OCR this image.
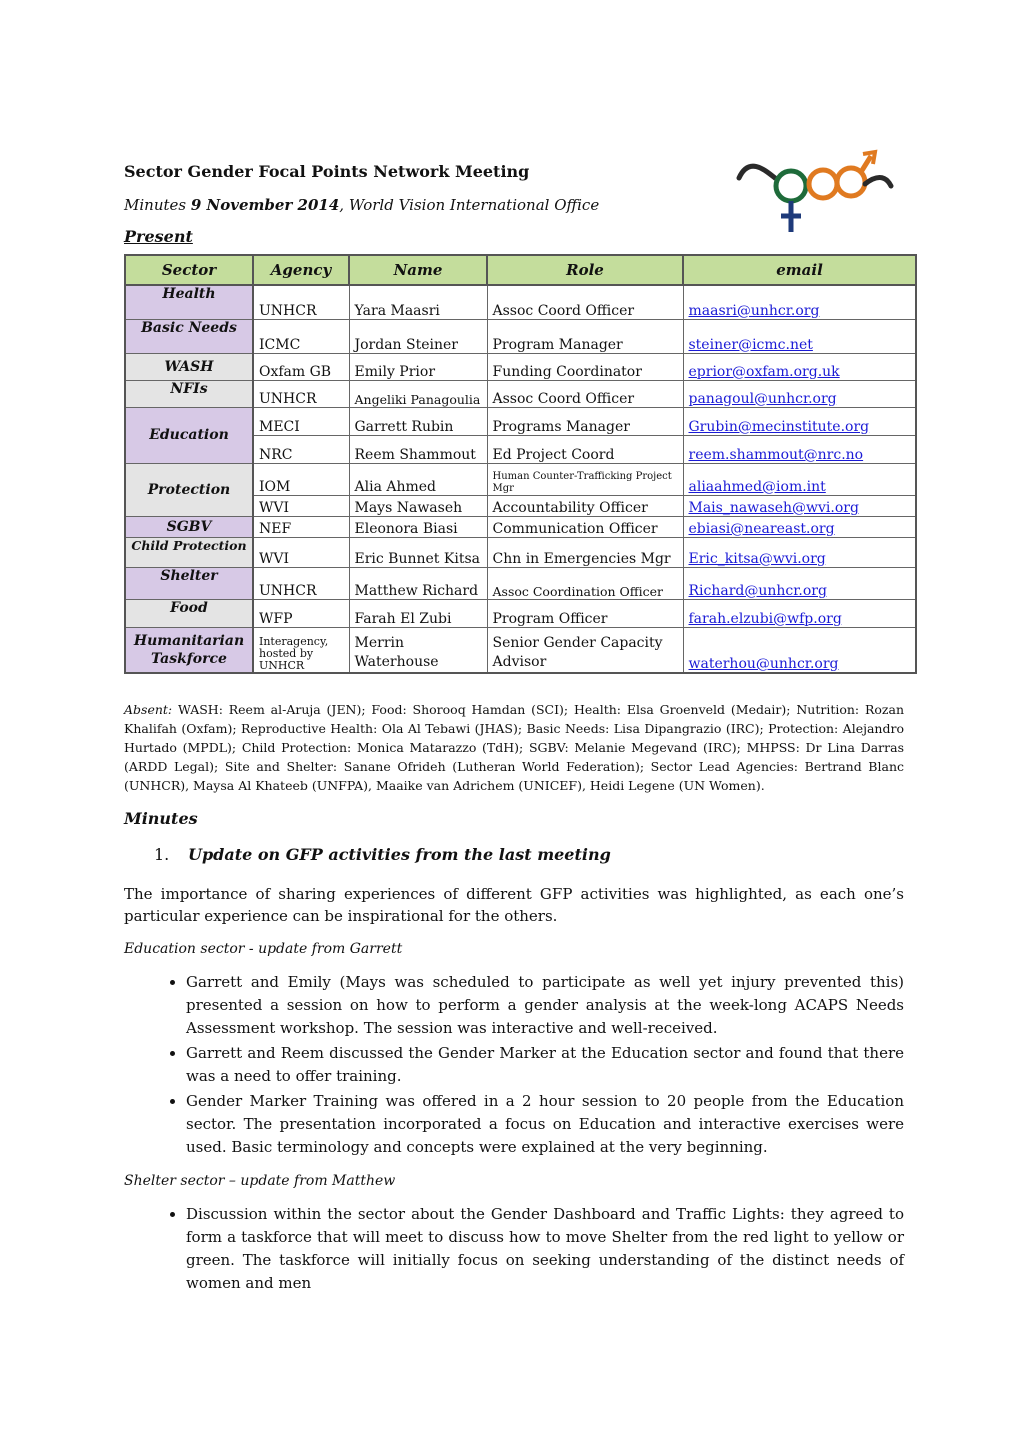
Sector Gender Focal Points Network Meeting

Minutes 9 November 2014, World Vision International Office

Present

Sector	Agency	Name	Role	email
Health	UNHCR	Yara Maasri	Assoc Coord Officer	maasri@unhcr.org
Basic Needs	ICMC	Jordan Steiner	Program Manager	steiner@icmc.net
WASH	Oxfam GB	Emily Prior	Funding Coordinator	eprior@oxfam.org.uk
NFIs	UNHCR	Angeliki Panagoulia	Assoc Coord Officer	panagoul@unhcr.org
Education	MECI	Garrett Rubin	Programs Manager	Grubin@mecinstitute.org
	NRC	Reem Shammout	Ed Project Coord	reem.shammout@nrc.no
Protection	IOM	Alia Ahmed	Human Counter-Trafficking Project Mgr	aliaahmed@iom.int
	WVI	Mays Nawaseh	Accountability Officer	Mais_nawaseh@wvi.org
SGBV	NEF	Eleonora Biasi	Communication Officer	ebiasi@neareast.org
Child Protection	WVI	Eric Bunnet Kitsa	Chn in Emergencies Mgr	Eric_kitsa@wvi.org
Shelter	UNHCR	Matthew Richard	Assoc Coordination Officer	Richard@unhcr.org
Food	WFP	Farah El Zubi	Program Officer	farah.elzubi@wfp.org
Humanitarian Taskforce	Interagency, hosted by UNHCR	Merrin Waterhouse	Senior Gender Capacity Advisor	waterhou@unhcr.org

Absent: WASH: Reem al-Aruja (JEN); Food: Shorooq Hamdan (SCI); Health: Elsa Groenveld (Medair); Nutrition: Rozan Khalifah (Oxfam); Reproductive Health: Ola Al Tebawi (JHAS); Basic Needs: Lisa Dipangrazio (IRC); Protection: Alejandro Hurtado (MPDL); Child Protection: Monica Matarazzo (TdH); SGBV: Melanie Megevand (IRC); MHPSS: Dr Lina Darras (ARDD Legal); Site and Shelter: Sanane Ofrideh (Lutheran World Federation); Sector Lead Agencies: Bertrand Blanc (UNHCR), Maysa Al Khateeb (UNFPA), Maaike van Adrichem (UNICEF), Heidi Legene (UN Women).

Minutes

1. Update on GFP activities from the last meeting

The importance of sharing experiences of different GFP activities was highlighted, as each one’s particular experience can be inspirational for the others.

Education sector - update from Garrett

• Garrett and Emily (Mays was scheduled to participate as well yet injury prevented this) presented a session on how to perform a gender analysis at the week-long ACAPS Needs Assessment workshop. The session was interactive and well-received.
• Garrett and Reem discussed the Gender Marker at the Education sector and found that there was a need to offer training.
• Gender Marker Training was offered in a 2 hour session to 20 people from the Education sector. The presentation incorporated a focus on Education and interactive exercises were used. Basic terminology and concepts were explained at the very beginning.

Shelter sector – update from Matthew

• Discussion within the sector about the Gender Dashboard and Traffic Lights: they agreed to form a taskforce that will meet to discuss how to move Shelter from the red light to yellow or green. The taskforce will initially focus on seeking understanding of the distinct needs of women and men
